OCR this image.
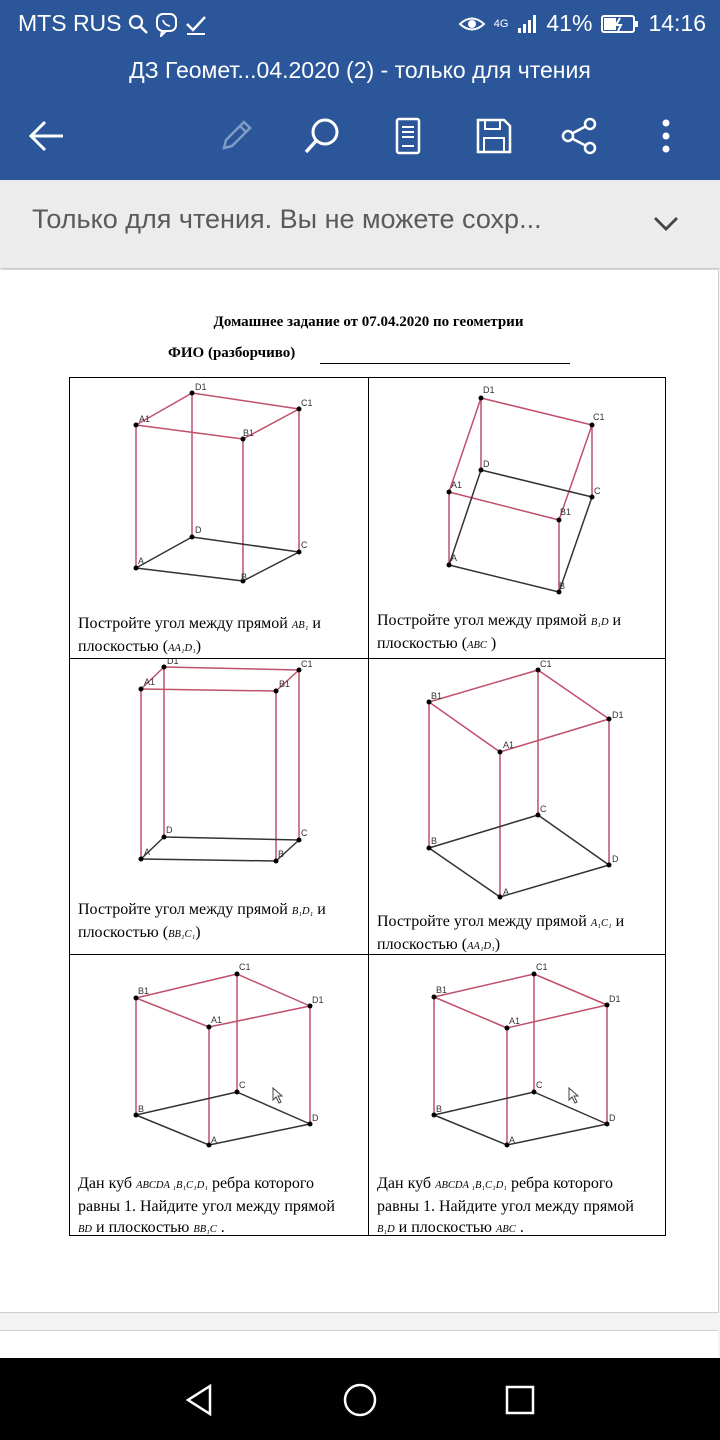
MTS RUS	4G 41% 14:16
ДЗ Геомет...04.2020 (2) - только для чтения
Только для чтения. Вы не можете сохр...
Домашнее задание от 07.04.2020 по геометрии
ФИО (разборчиво)
D1
C1
A1
B1
D
C
A
B
Постройте угол между прямой AB₁ и
плоскостью (AA₁D₁)
D1
C1
D
A1
C
B1
A
B
Постройте угол между прямой B₁D и
плоскостью (ABC )
D1	C1
A1	B1
D	C
A	B
Постройте угол между прямой B₁D₁ и
плоскостью (BB₁C₁)
C1
B1
D1
A1
C
B
D
A
Постройте угол между прямой A₁C₁ и
плоскостью (AA₁D₁)
C1
B1
D1
A1
C
B
D
A
Дан куб ABCDA ₁B₁C₁D₁ ребра которого
равны 1. Найдите угол между прямой
BD и плоскостью BB₁C .
C1
B1
D1
A1
C
B
D
A
Дан куб ABCDA ₁B₁C₁D₁ ребра которого
равны 1. Найдите угол между прямой
B₁D и плоскостью ABC .
